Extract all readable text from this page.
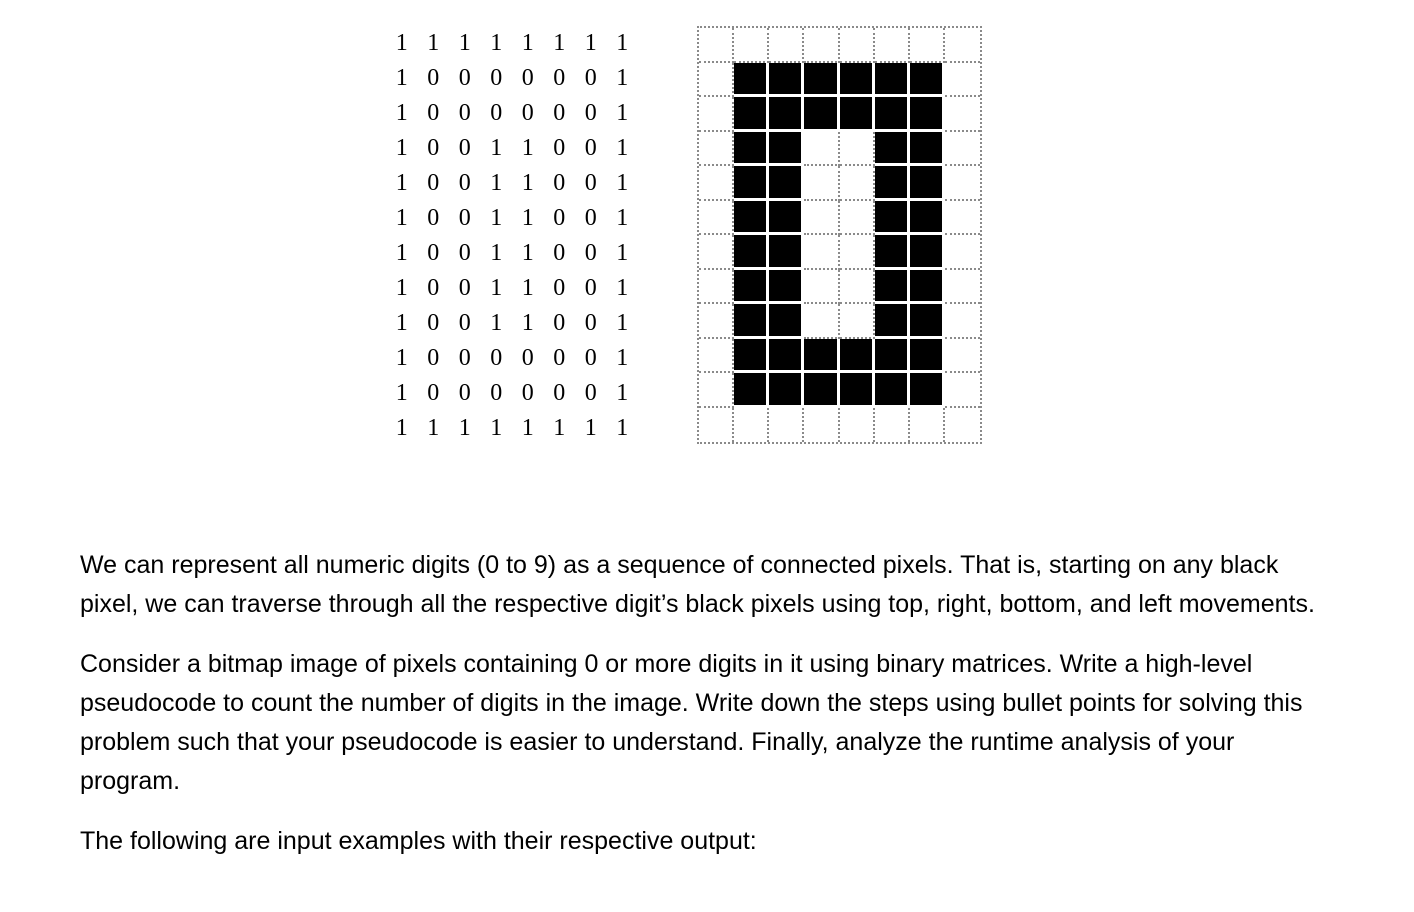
1 1 1 1 1 1 1 1
1 0 0 0 0 0 0 1
1 0 0 0 0 0 0 1
1 0 0 1 1 0 0 1
1 0 0 1 1 0 0 1
1 0 0 1 1 0 0 1
1 0 0 1 1 0 0 1
1 0 0 1 1 0 0 1
1 0 0 1 1 0 0 1
1 0 0 0 0 0 0 1
1 0 0 0 0 0 0 1
1 1 1 1 1 1 1 1

We can represent all numeric digits (0 to 9) as a sequence of connected pixels. That is, starting on any black pixel, we can traverse through all the respective digit’s black pixels using top, right, bottom, and left movements.

Consider a bitmap image of pixels containing 0 or more digits in it using binary matrices. Write a high-level pseudocode to count the number of digits in the image. Write down the steps using bullet points for solving this problem such that your pseudocode is easier to understand. Finally, analyze the runtime analysis of your program.

The following are input examples with their respective output:
